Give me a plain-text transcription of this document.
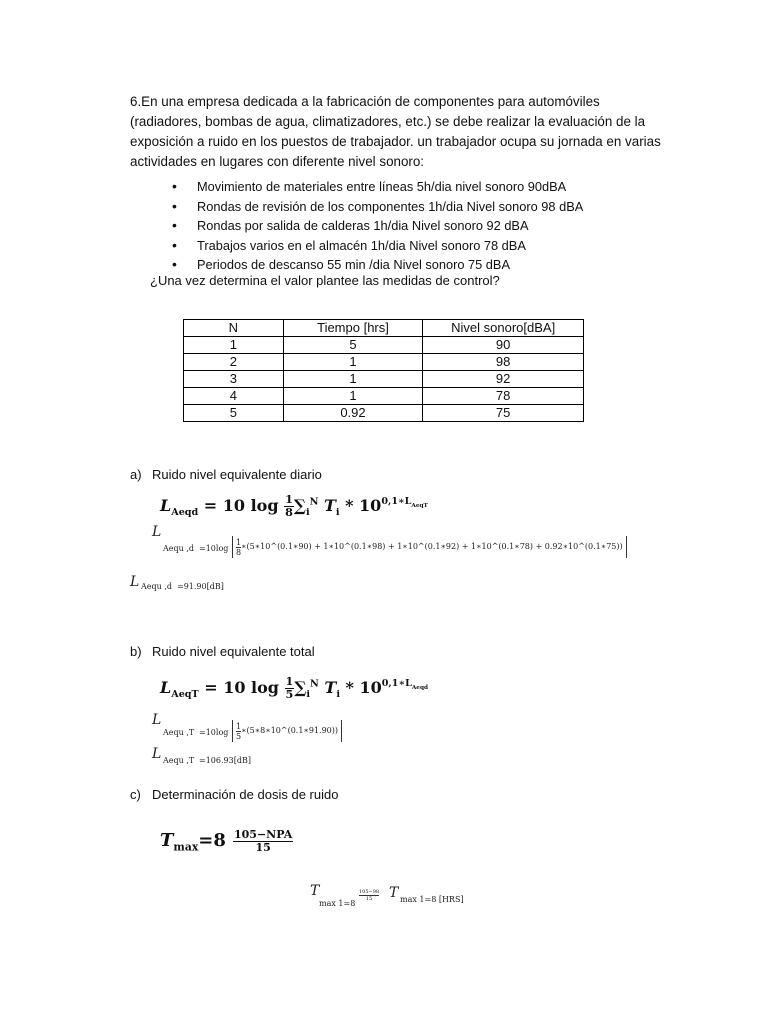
6.En una empresa dedicada a la fabricación de componentes para automóviles (radiadores, bombas de agua, climatizadores, etc.) se debe realizar la evaluación de la exposición a ruido en los puestos de trabajador. un trabajador ocupa su jornada en varias actividades en lugares con diferente nivel sonoro:

• Movimiento de materiales entre líneas 5h/dia nivel sonoro 90dBA
• Rondas de revisión de los componentes 1h/dia Nivel sonoro 98 dBA
• Rondas por salida de calderas 1h/dia Nivel sonoro 92 dBA
• Trabajos varios en el almacén 1h/dia Nivel sonoro 78 dBA
• Periodos de descanso 55 min /dia Nivel sonoro 75 dBA

¿Una vez determina el valor plantee las medidas de control?

N	Tiempo [hrs]	Nivel sonoro[dBA]
1	5	90
2	1	98
3	1	92
4	1	78
5	0.92	75
a) Ruido nivel equivalente diario
$L_{Aeqd} = 10$ $\log \frac{1}{8} \sum_i^N$ $T_i * 10^{0,1∗L_{AeqT}}$
L
Aequ $,d =10\log \frac{1}{8}$ ∗(5∗10^(0.1∗90) + 1∗10^(0.1∗98) + 1∗10^(0.1∗92) + 1∗10^(0.1∗78) + 0.92∗10^(0.1∗75))
L Aequ ,d =91.90[dB]
b) Ruido nivel equivalente total
$L_{AeqT} = 10$ $\log \frac{1}{5} \sum_i^N$ $T_i * 10^{0,1∗L_{Aeqd}}$
L
Aequ $,T =10\log \frac{1}{5}$ ∗(5∗8∗10^(0.1∗91.90))
L Aequ ,T =106.93[dB]
c) Determinación de dosis de ruido
$T_{max}=8 \frac{\text{105−NPA}}{15}$
T
max 1=8
$\frac{105-98}{15}$ T max 1=8 [HRS]
